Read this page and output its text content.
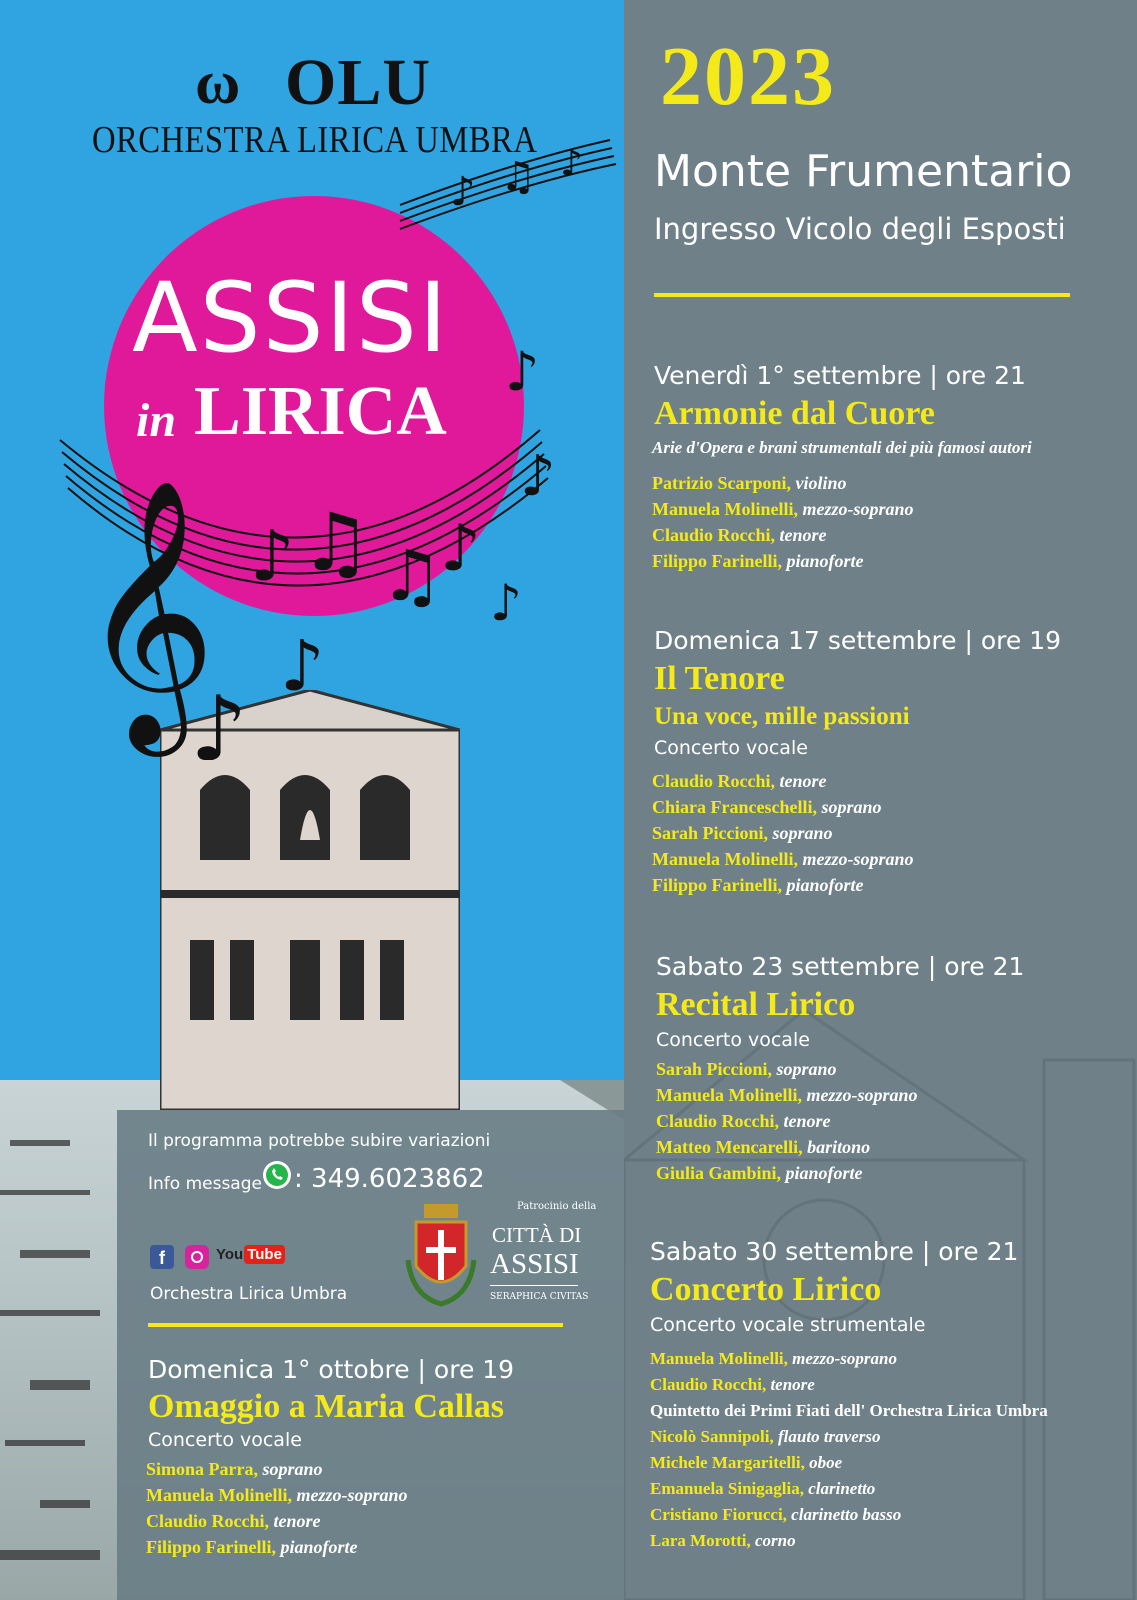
ω OLU
ORCHESTRA LIRICA UMBRA
ASSISI
in LIRICA
𝄞
♪ ♫ ♪
♪
♪
♪ ♫ ♫
♪
♪
♪
♪
2023
Monte Frumentario
Ingresso Vicolo degli Esposti
Venerdì 1° settembre | ore 21
Armonie dal Cuore
Arie d'Opera e brani strumentali dei più famosi autori
Patrizio Scarponi, violino
Manuela Molinelli, mezzo-soprano
Claudio Rocchi, tenore
Filippo Farinelli, pianoforte
Domenica 17 settembre | ore 19
Il Tenore
Una voce, mille passioni
Concerto vocale
Claudio Rocchi, tenore
Chiara Franceschelli, soprano
Sarah Piccioni, soprano
Manuela Molinelli, mezzo-soprano
Filippo Farinelli, pianoforte
Sabato 23 settembre | ore 21
Recital Lirico
Concerto vocale
Sarah Piccioni, soprano
Manuela Molinelli, mezzo-soprano
Claudio Rocchi, tenore
Matteo Mencarelli, baritono
Giulia Gambini, pianoforte
Sabato 30 settembre | ore 21
Concerto Lirico
Concerto vocale strumentale
Manuela Molinelli, mezzo-soprano
Claudio Rocchi, tenore
Quintetto dei Primi Fiati dell' Orchestra Lirica Umbra
Nicolò Sannipoli, flauto traverso
Michele Margaritelli, oboe
Emanuela Sinigaglia, clarinetto
Cristiano Fiorucci, clarinetto basso
Lara Morotti, corno
Il programma potrebbe subire variazioni
Info message : 349.6023862
f	You Tube
Orchestra Lirica Umbra
Patrocinio della
CITTÀ DI
ASSISI
SERAPHICA CIVITAS
Domenica 1° ottobre | ore 19
Omaggio a Maria Callas
Concerto vocale
Simona Parra, soprano
Manuela Molinelli, mezzo-soprano
Claudio Rocchi, tenore
Filippo Farinelli, pianoforte
